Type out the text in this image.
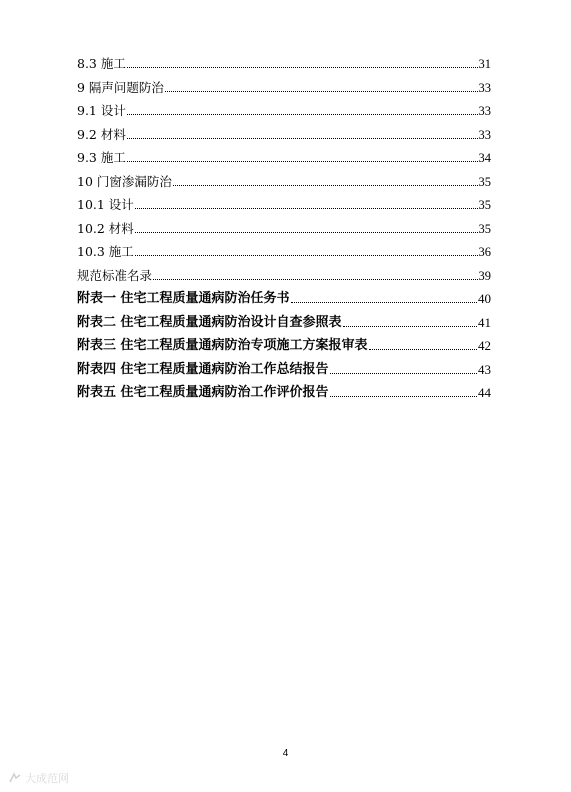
8.3 施工	31
9 隔声问题防治	33
9.1 设计	33
9.2 材料	33
9.3 施工	34
10 门窗渗漏防治	35
10.1 设计	35
10.2 材料	35
10.3 施工	36
规范标准名录	39
附表一 住宅工程质量通病防治任务书	40
附表二 住宅工程质量通病防治设计自查参照表	41
附表三 住宅工程质量通病防治专项施工方案报审表	42
附表四 住宅工程质量通病防治工作总结报告	43
附表五 住宅工程质量通病防治工作评价报告	44
4
大成范网
